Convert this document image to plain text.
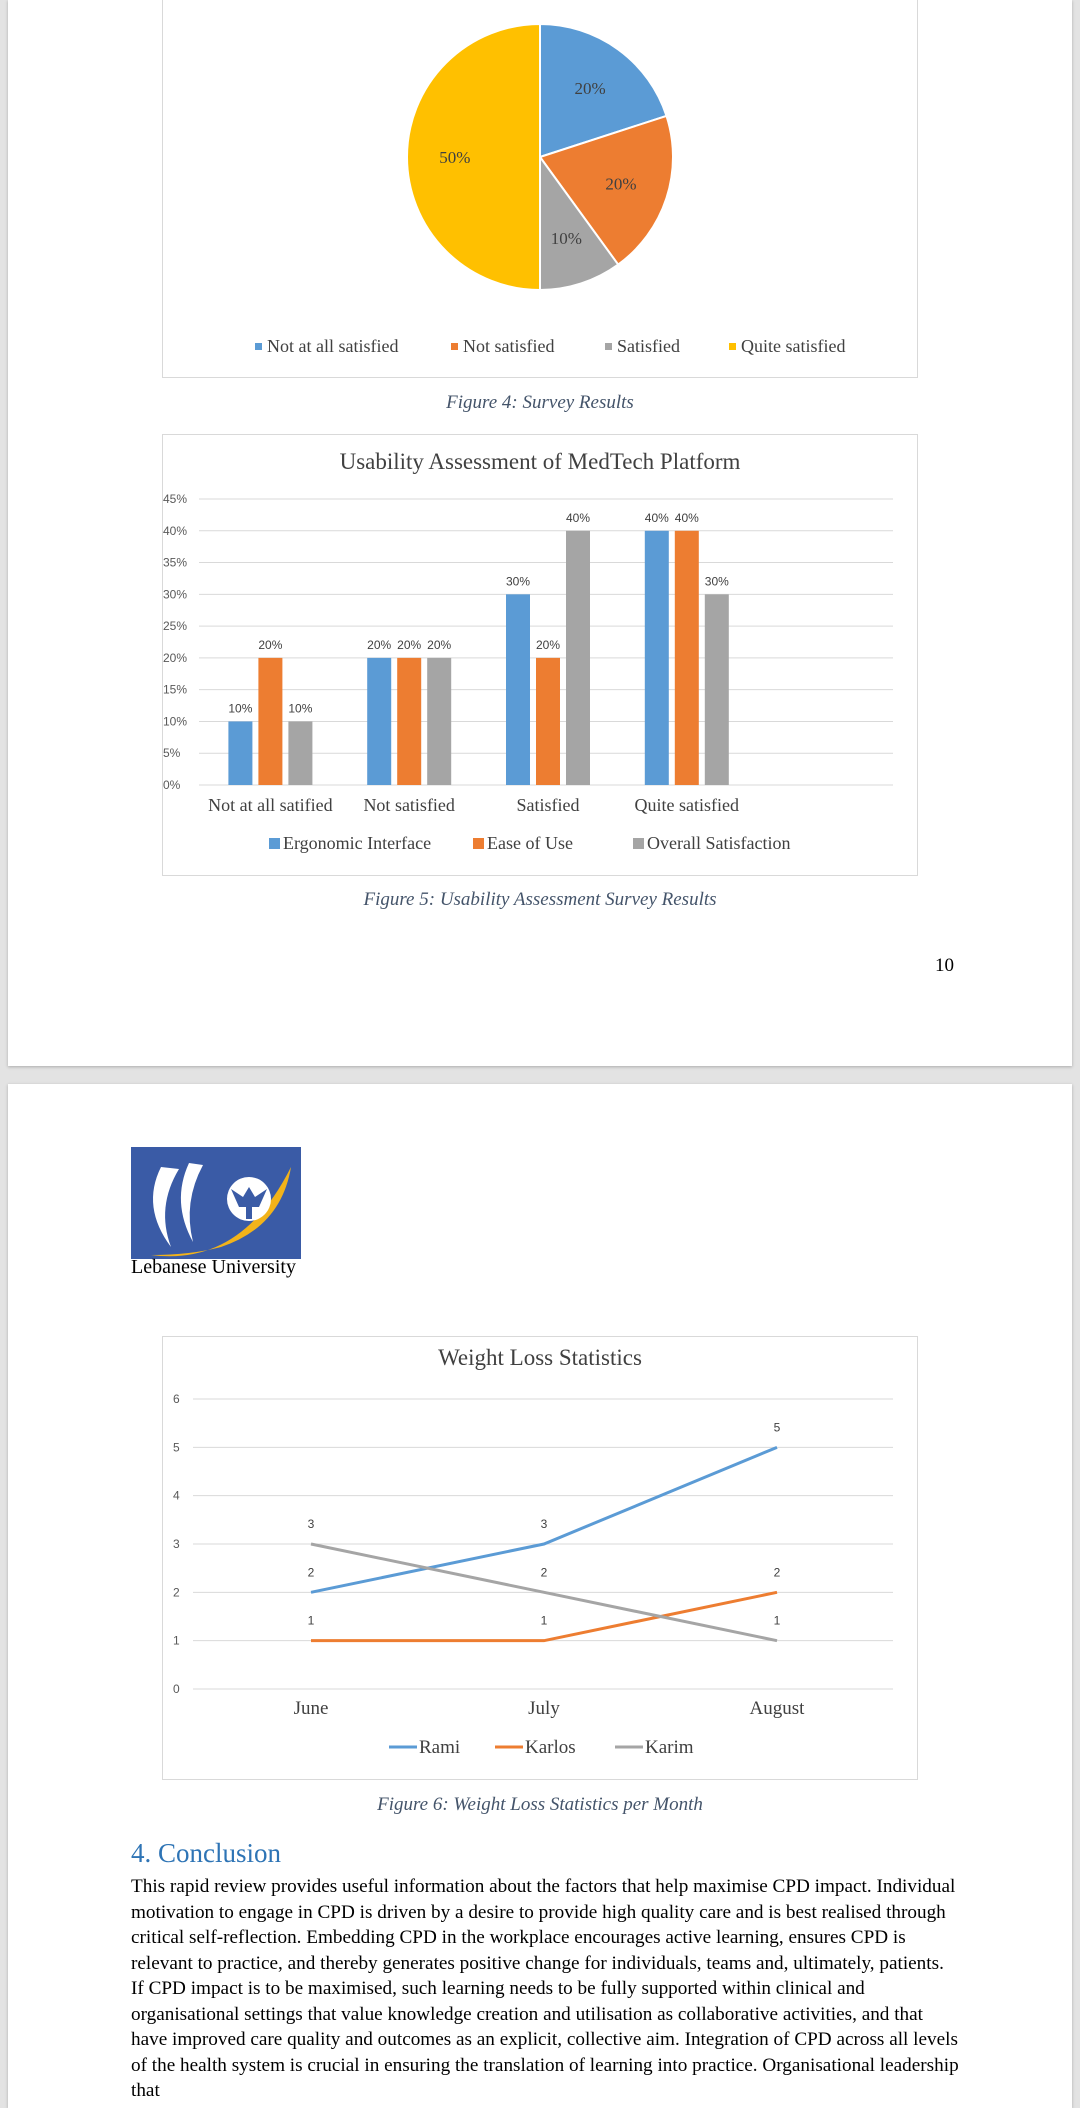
20%
20%
10%
50%
Not at all satisfied	Not satisfied	Satisfied	Quite satisfied
Figure 4: Survey Results
Usability Assessment of MedTech Platform
0%
5%
10%
15%
20%
25%
30%
35%
40%
45%
10%
20%
10%
Not at all satified
20% 20% 20%
Not satisfied
30%
20%
40%
Satisfied
40% 40%
30%
Quite satisfied
Ergonomic Interface	Ease of Use	Overall Satisfaction
Figure 5: Usability Assessment Survey Results
10
Lebanese University
Weight Loss Statistics
0
1
2
3
4
5
6
June	July	August
2
3
5
1	1
2
3
2
1
Rami	Karlos	Karim
Figure 6: Weight Loss Statistics per Month
4. Conclusion
This rapid review provides useful information about the factors that help maximise CPD impact. Individual motivation to engage in CPD is driven by a desire to provide high quality care and is best realised through critical self-reflection. Embedding CPD in the workplace encourages active learning, ensures CPD is relevant to practice, and thereby generates positive change for individuals, teams and, ultimately, patients. If CPD impact is to be maximised, such learning needs to be fully supported within clinical and organisational settings that value knowledge creation and utilisation as collaborative activities, and that have improved care quality and outcomes as an explicit, collective aim. Integration of CPD across all levels of the health system is crucial in ensuring the translation of learning into practice. Organisational leadership that
